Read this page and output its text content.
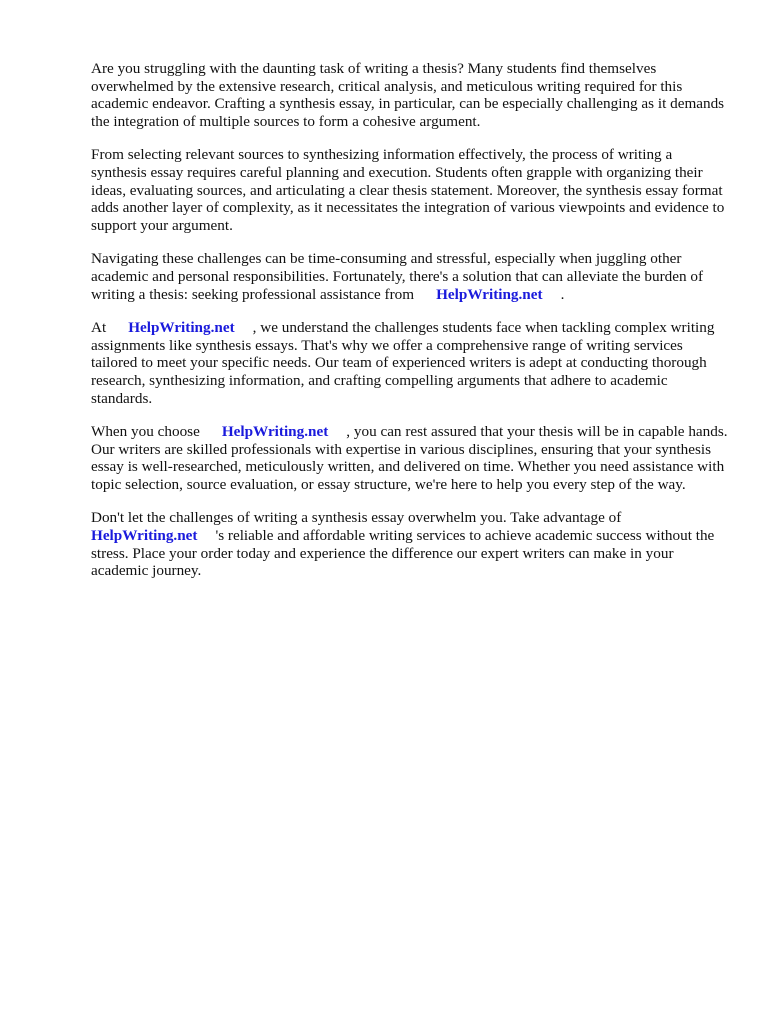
Are you struggling with the daunting task of writing a thesis? Many students find themselves overwhelmed by the extensive research, critical analysis, and meticulous writing required for this academic endeavor. Crafting a synthesis essay, in particular, can be especially challenging as it demands the integration of multiple sources to form a cohesive argument.

From selecting relevant sources to synthesizing information effectively, the process of writing a synthesis essay requires careful planning and execution. Students often grapple with organizing their ideas, evaluating sources, and articulating a clear thesis statement. Moreover, the synthesis essay format adds another layer of complexity, as it necessitates the integration of various viewpoints and evidence to support your argument.

Navigating these challenges can be time-consuming and stressful, especially when juggling other academic and personal responsibilities. Fortunately, there's a solution that can alleviate the burden of writing a thesis: seeking professional assistance from HelpWriting.net .

At HelpWriting.net , we understand the challenges students face when tackling complex writing assignments like synthesis essays. That's why we offer a comprehensive range of writing services tailored to meet your specific needs. Our team of experienced writers is adept at conducting thorough research, synthesizing information, and crafting compelling arguments that adhere to academic standards.

When you choose HelpWriting.net , you can rest assured that your thesis will be in capable hands. Our writers are skilled professionals with expertise in various disciplines, ensuring that your synthesis essay is well-researched, meticulously written, and delivered on time. Whether you need assistance with topic selection, source evaluation, or essay structure, we're here to help you every step of the way.

Don't let the challenges of writing a synthesis essay overwhelm you. Take advantage of HelpWriting.net 's reliable and affordable writing services to achieve academic success without the stress. Place your order today and experience the difference our expert writers can make in your academic journey.
